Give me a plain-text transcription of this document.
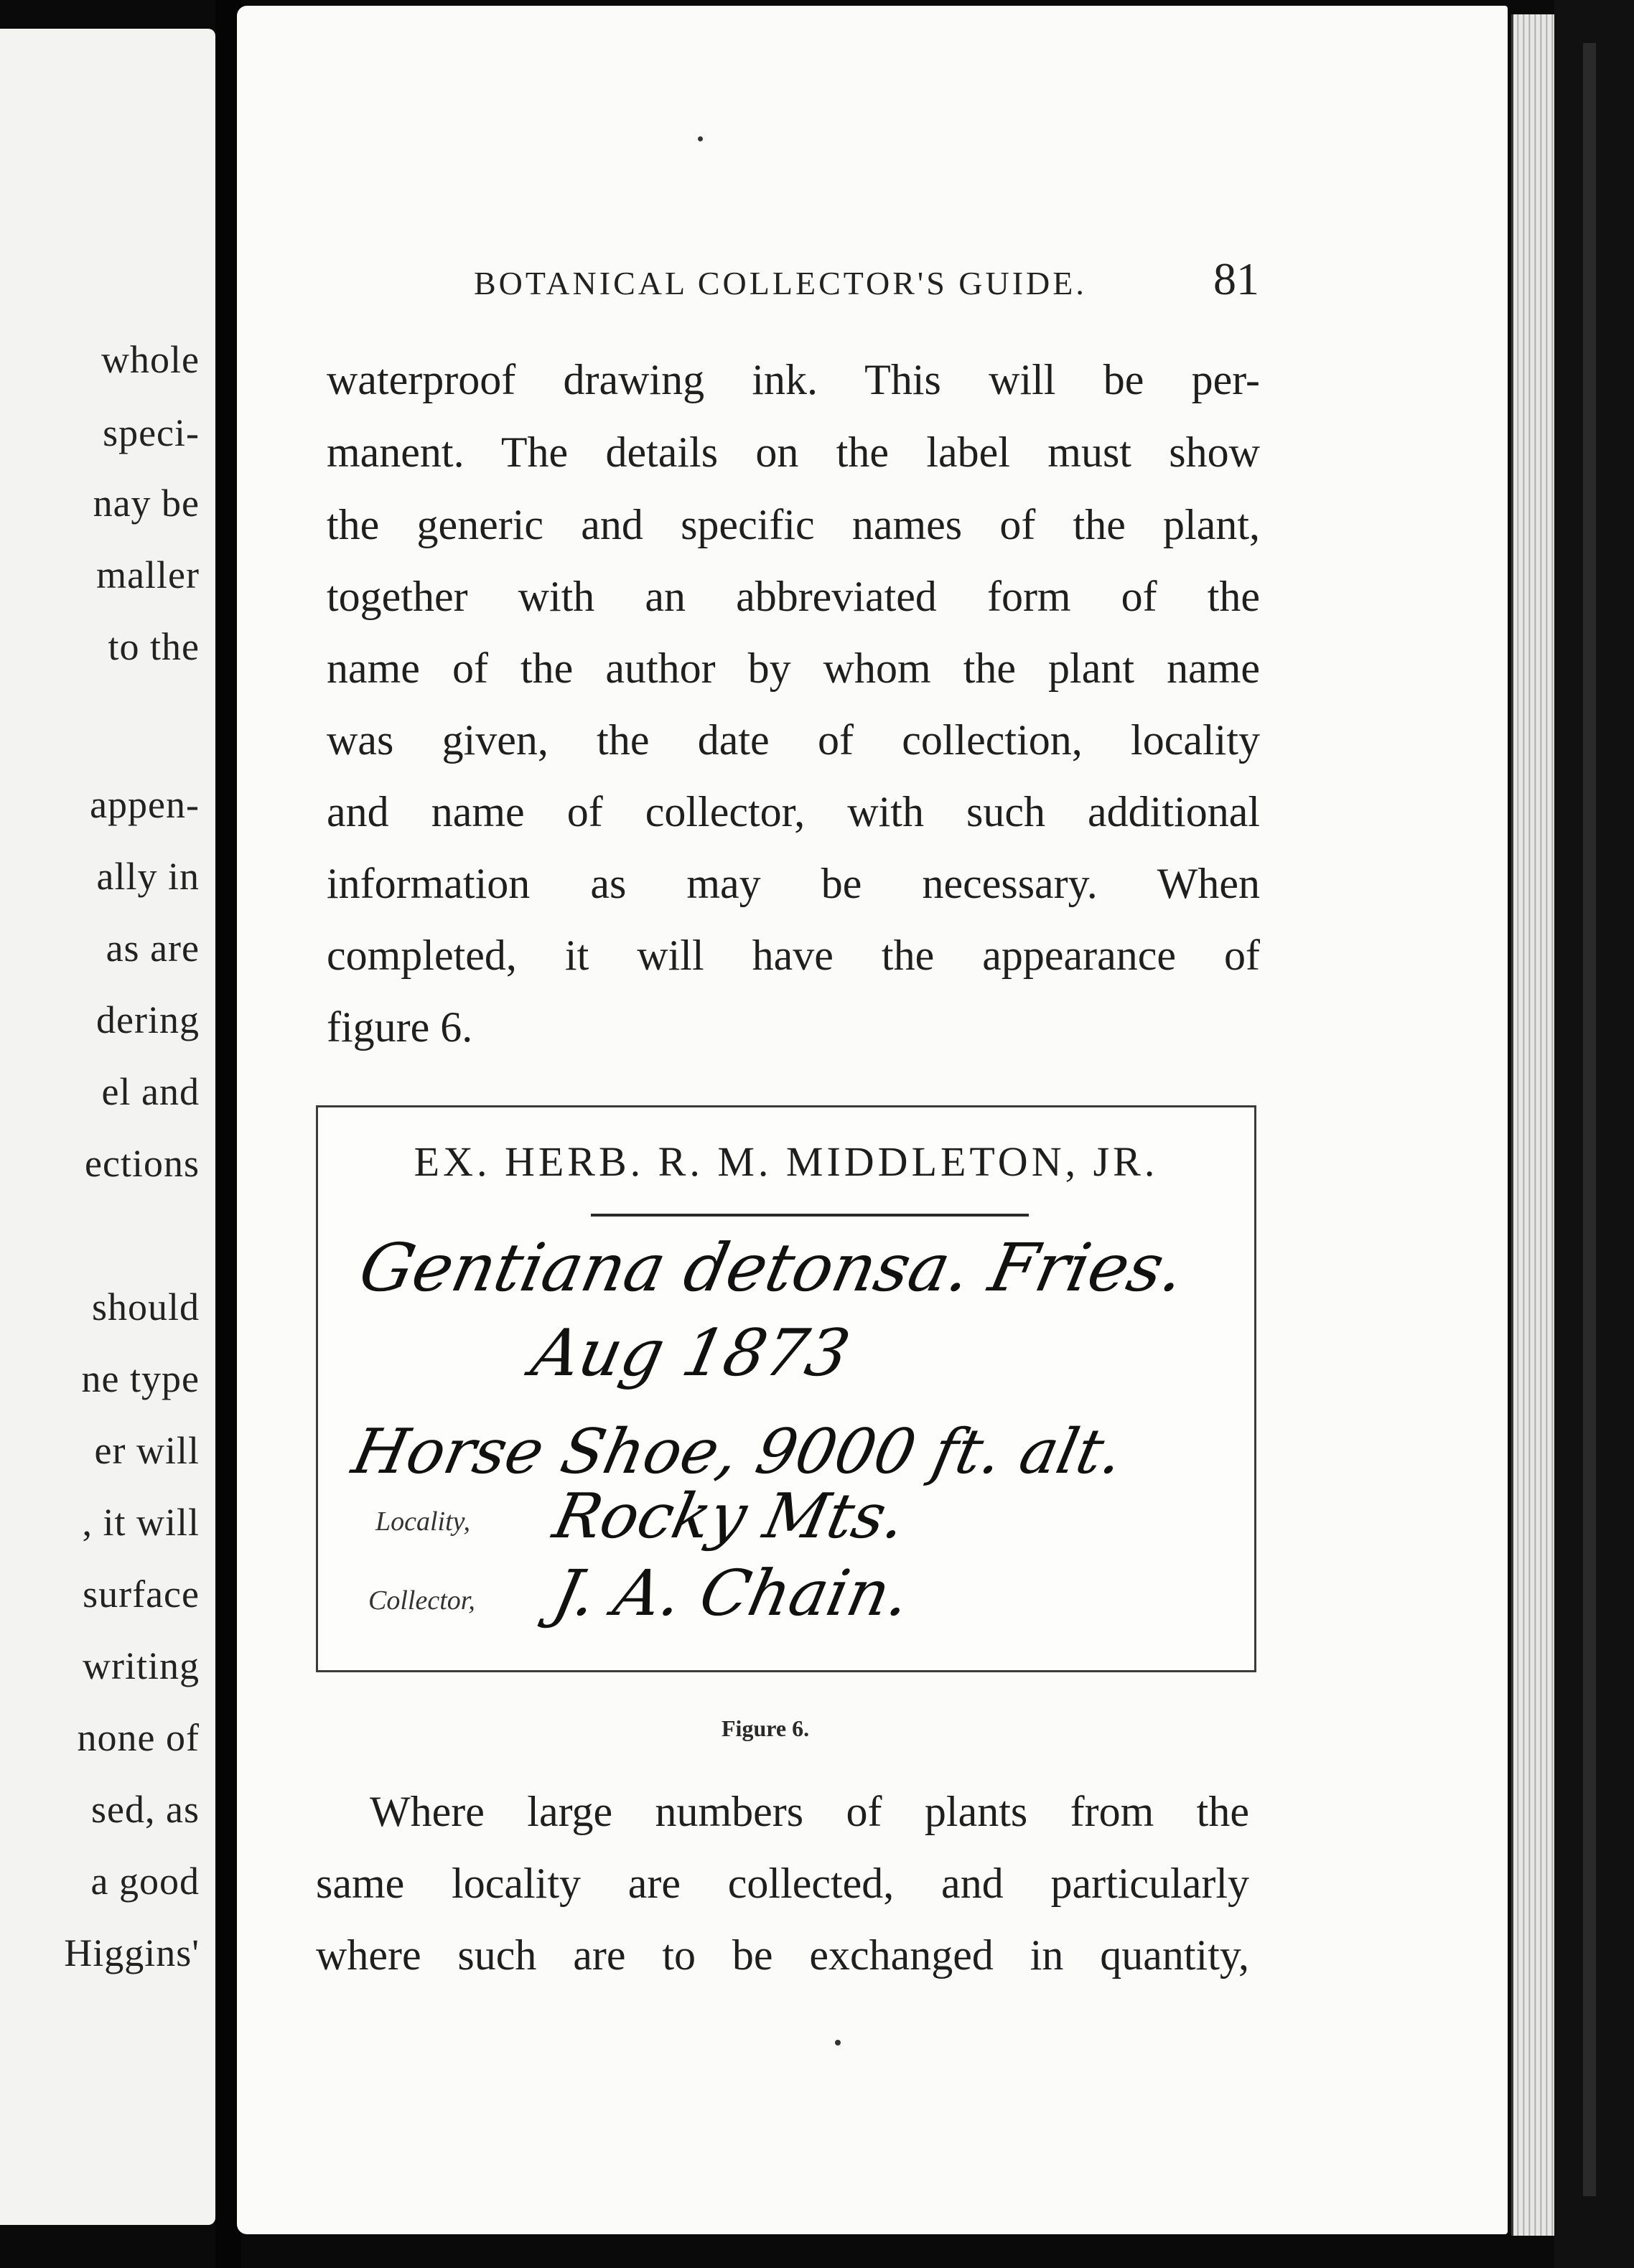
whole
speci-
nay be
maller
to the
appen-
ally in
as are
dering
el and
ections
should
ne type
er will
, it will
surface
writing
none of
sed, as
a good
Higgins'
BOTANICAL COLLECTOR'S GUIDE.	81
waterproof drawing ink. This will be per-
manent. The details on the label must show
the generic and specific names of the plant,
together with an abbreviated form of the
name of the author by whom the plant name
was given, the date of collection, locality
and name of collector, with such additional
information as may be necessary. When
completed, it will have the appearance of
figure 6.
EX. HERB. R. M. MIDDLETON, JR.
Gentiana detonsa. Fries.
Aug 1873
Horse Shoe, 9000 ft. alt.
Locality, Rocky Mts.
Collector, J. A. Chain.
Figure 6.
Where large numbers of plants from the
same locality are collected, and particularly
where such are to be exchanged in quantity,
